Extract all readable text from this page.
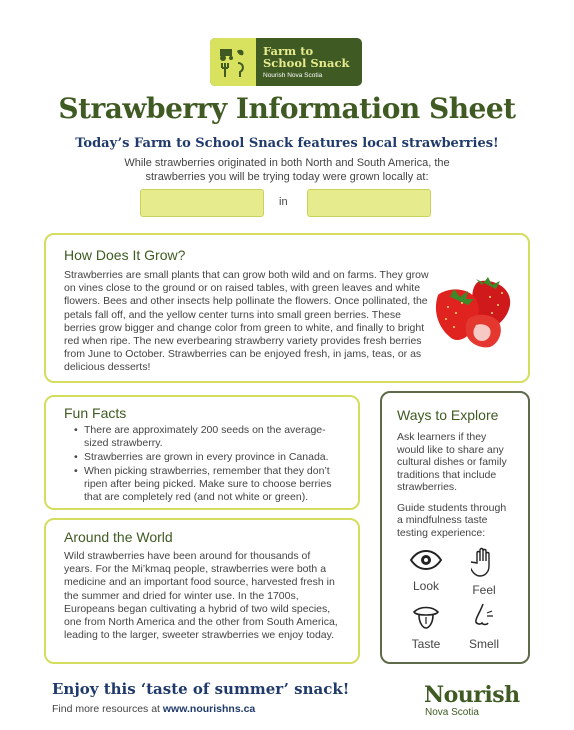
Farm to
School Snack
Nourish Nova Scotia
Strawberry Information Sheet
Today’s Farm to School Snack features local strawberries!
While strawberries originated in both North and South America, the strawberries you will be trying today were grown locally at:
in
How Does It Grow?

Strawberries are small plants that can grow both wild and on farms. They grow on vines close to the ground or on raised tables, with green leaves and white flowers. Bees and other insects help pollinate the flowers. Once pollinated, the petals fall off, and the yellow center turns into small green berries. These berries grow bigger and change color from green to white, and finally to bright red when ripe. The new everbearing strawberry variety provides fresh berries from June to October. Strawberries can be enjoyed fresh, in jams, teas, or as delicious desserts!

Fun Facts
• There are approximately 200 seeds on the average-sized strawberry.
• Strawberries are grown in every province in Canada.
• When picking strawberries, remember that they don’t ripen after being picked. Make sure to choose berries that are completely red (and not white or green).
Around the World

Wild strawberries have been around for thousands of years. For the Mi’kmaq people, strawberries were both a medicine and an important food source, harvested fresh in the summer and dried for winter use. In the 1700s, Europeans began cultivating a hybrid of two wild species, one from North America and the other from South America, leading to the larger, sweeter strawberries we enjoy today.

Ways to Explore

Ask learners if they would like to share any cultural dishes or family traditions that include strawberries.

Guide students through a mindfulness taste testing experience:

Look	Feel
Taste	Smell
Enjoy this ‘taste of summer’ snack!
Find more resources at www.nourishns.ca
Nourish
Nova Scotia
